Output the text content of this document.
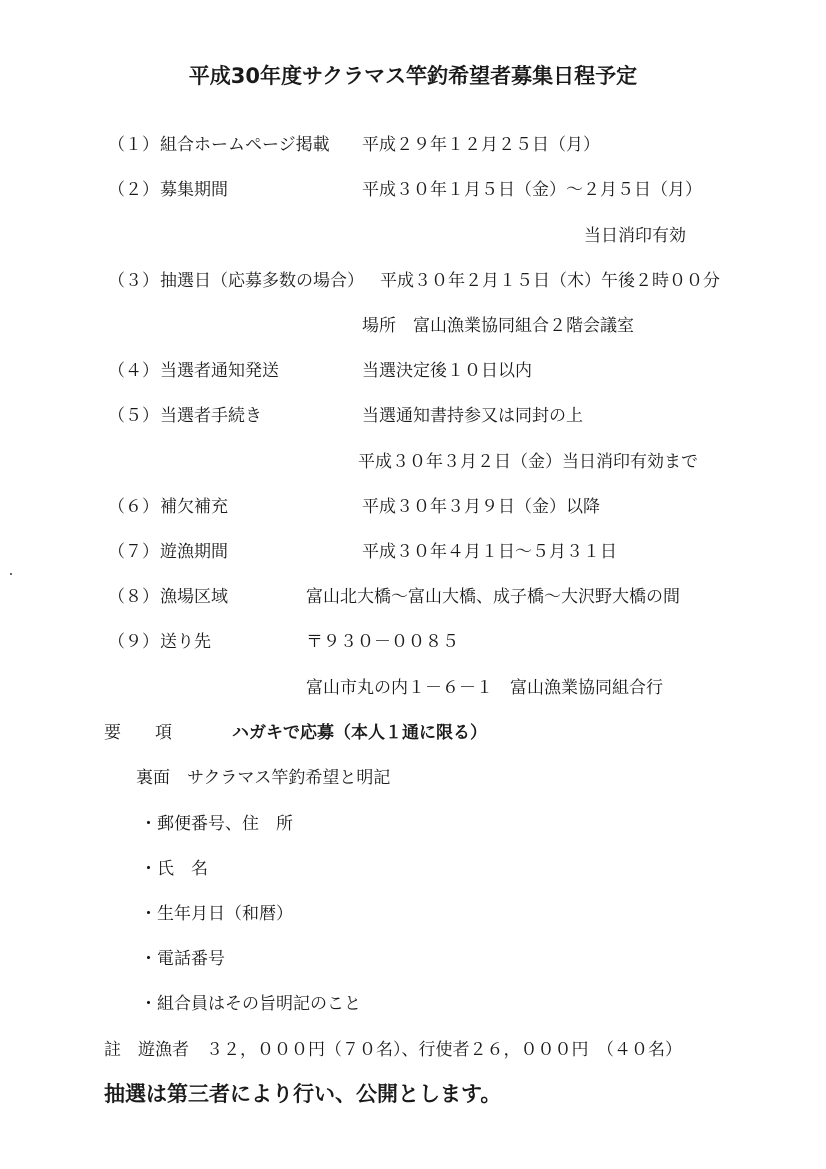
平成30年度サクラマス竿釣希望者募集日程予定
（１） 組合ホームページ掲載 平成２９年１２月２５日（月）
（２） 募集期間	平成３０年１月５日（金）～２月５日（月）
当日消印有効
（３） 抽選日（応募多数の場合） 平成３０年２月１５日（木）午後２時００分
場所　富山漁業協同組合２階会議室
（４） 当選者通知発送	当選決定後１０日以内
（５） 当選者手続き	当選通知書持参又は同封の上
平成３０年３月２日（金）当日消印有効まで
（６） 補欠補充	平成３０年３月９日（金）以降
（７） 遊漁期間	平成３０年４月１日～５月３１日
（８） 漁場区域	富山北大橋～富山大橋、成子橋～大沢野大橋の間
（９） 送り先	〒９３０－００８５
富山市丸の内１－６－１　富山漁業協同組合行
要　　項	ハガキで応募（本人１通に限る）
裏面　サクラマス竿釣希望と明記
・郵便番号、住　所
・氏　名
・生年月日（和暦）
・電話番号
・組合員はその旨明記のこと
註　遊漁者　３２，０００円（７０名）、行使者２６，０００円　（４０名）
抽選は第三者により行い、公開とします。
